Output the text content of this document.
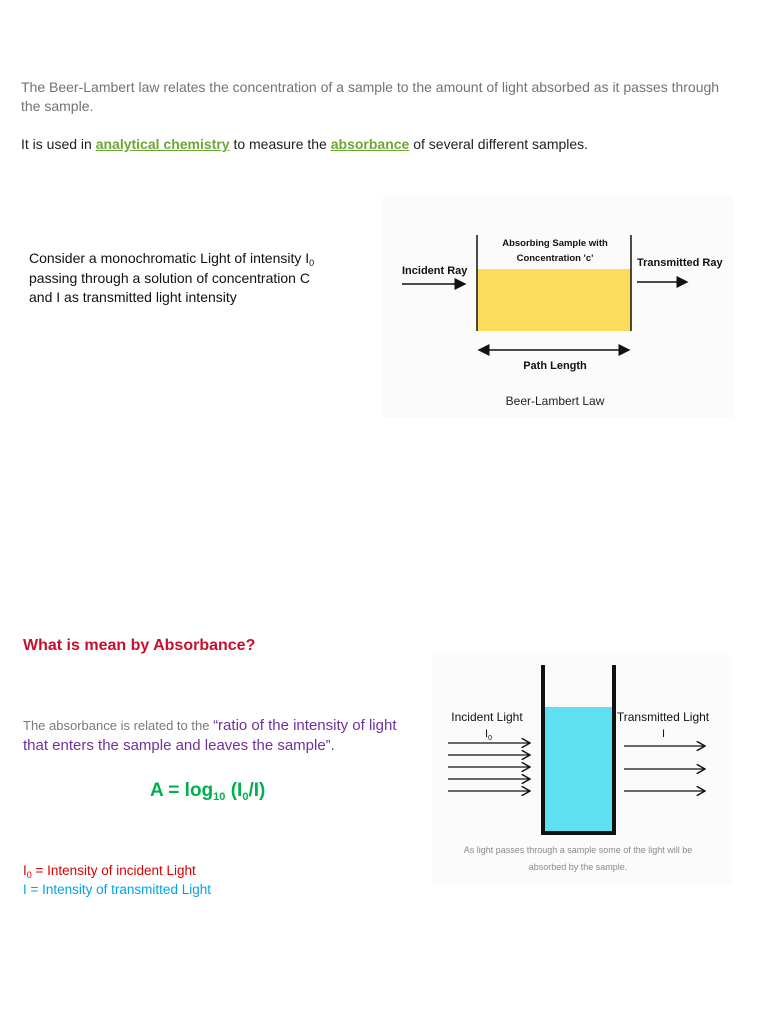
The Beer-Lambert law relates the concentration of a sample to the amount of light absorbed as it passes through the sample.
It is used in analytical chemistry to measure the absorbance of several different samples.
Consider a monochromatic Light of intensity $I_0$
passing through a solution of concentration C
and I as transmitted light intensity
Absorbing Sample with
Concentration 'c'
Incident Ray
Transmitted Ray
Path Length
Beer-Lambert Law
What is mean by Absorbance?
The absorbance is related to the “ratio of the intensity of light that enters the sample and leaves the sample”.
$A = \log_{10} (I_0/I)$
$I_0$ = Intensity of incident Light
I = Intensity of transmitted Light
Incident Light
$I_0$
Transmitted Light
I
As light passes through a sample some of the light will be
absorbed by the sample.
